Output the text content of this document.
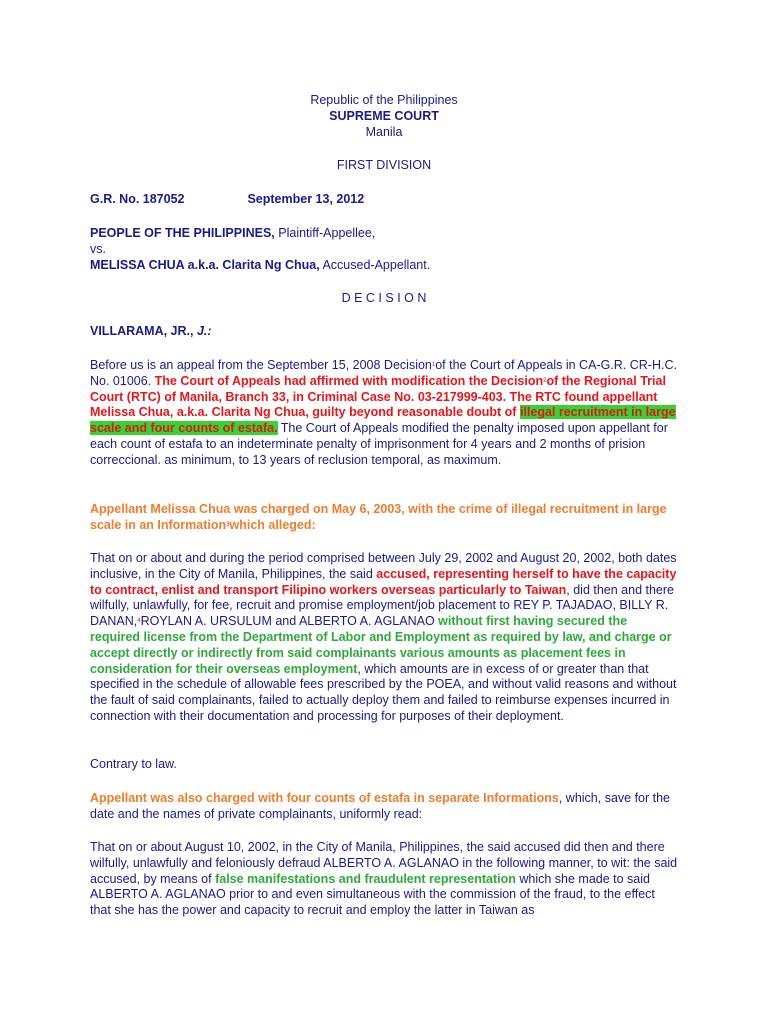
Republic of the Philippines
SUPREME COURT
Manila
FIRST DIVISION
G.R. No. 187052	September 13, 2012
PEOPLE OF THE PHILIPPINES, Plaintiff-Appellee,
vs.
MELISSA CHUA a.k.a. Clarita Ng Chua, Accused-Appellant.
D E C I S I O N
VILLARAMA, JR., J.:
Before us is an appeal from the September 15, 2008 Decision$^1$of the Court of Appeals in CA-G.R. CR-H.C. No. 01006. The Court of Appeals had affirmed with modification the Decision$^2$of the Regional Trial Court (RTC) of Manila, Branch 33, in Criminal Case No. 03-217999-403. The RTC found appellant Melissa Chua, a.k.a. Clarita Ng Chua, guilty beyond reasonable doubt of illegal recruitment in large scale and four counts of estafa. The Court of Appeals modified the penalty imposed upon appellant for each count of estafa to an indeterminate penalty of imprisonment for 4 years and 2 months of prision correccional. as minimum, to 13 years of reclusion temporal, as maximum.
Appellant Melissa Chua was charged on May 6, 2003, with the crime of illegal recruitment in large scale in an Information$^3$which alleged:
That on or about and during the period comprised between July 29, 2002 and August 20, 2002, both dates inclusive, in the City of Manila, Philippines, the said accused, representing herself to have the capacity to contract, enlist and transport Filipino workers overseas particularly to Taiwan, did then and there wilfully, unlawfully, for fee, recruit and promise employment/job placement to REY P. TAJADAO, BILLY R. DANAN,$^4$ROYLAN A. URSULUM and ALBERTO A. AGLANAO without first having secured the required license from the Department of Labor and Employment as required by law, and charge or accept directly or indirectly from said complainants various amounts as placement fees in consideration for their overseas employment, which amounts are in excess of or greater than that specified in the schedule of allowable fees prescribed by the POEA, and without valid reasons and without the fault of said complainants, failed to actually deploy them and failed to reimburse expenses incurred in connection with their documentation and processing for purposes of their deployment.
Contrary to law.
Appellant was also charged with four counts of estafa in separate Informations, which, save for the date and the names of private complainants, uniformly read:
That on or about August 10, 2002, in the City of Manila, Philippines, the said accused did then and there wilfully, unlawfully and feloniously defraud ALBERTO A. AGLANAO in the following manner, to wit: the said accused, by means of false manifestations and fraudulent representation which she made to said ALBERTO A. AGLANAO prior to and even simultaneous with the commission of the fraud, to the effect that she has the power and capacity to recruit and employ the latter in Taiwan as
